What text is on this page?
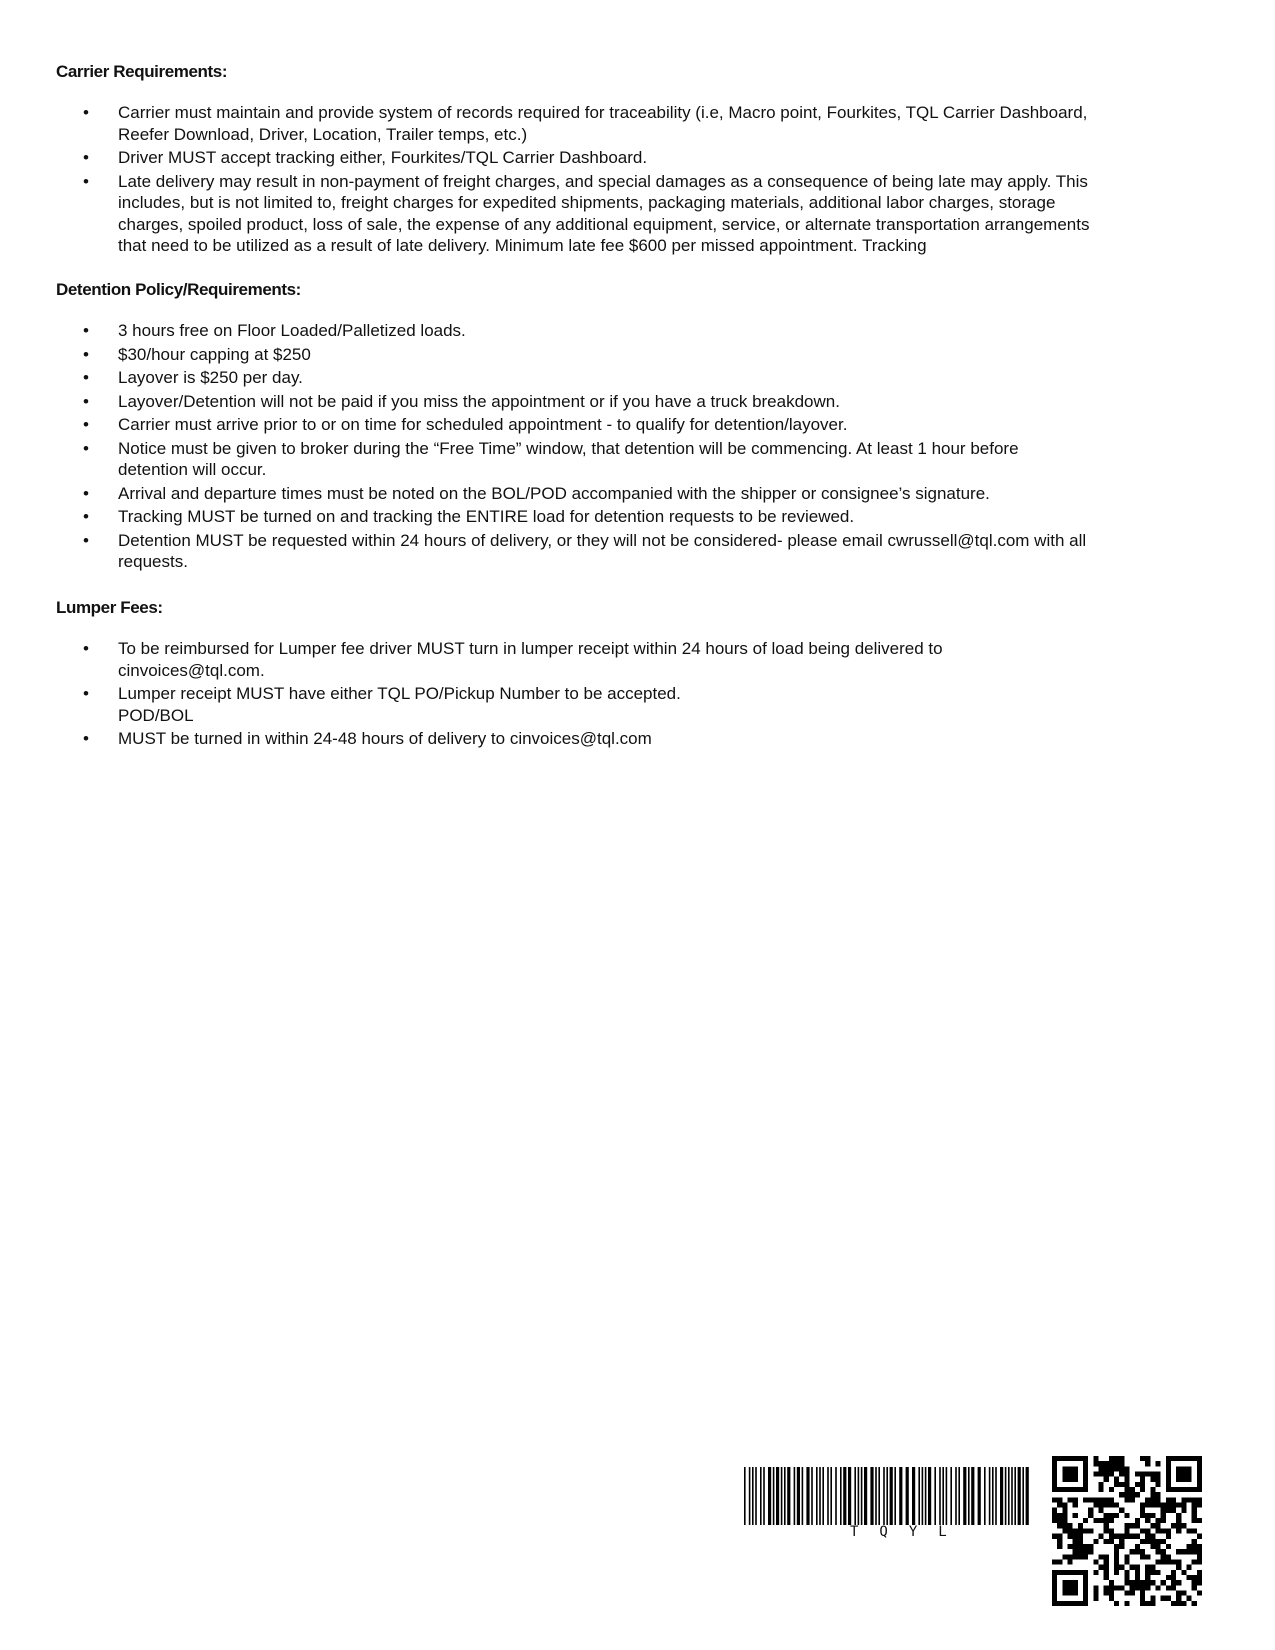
Carrier Requirements:
• Carrier must maintain and provide system of records required for traceability (i.e, Macro point, Fourkites, TQL Carrier Dashboard,
Reefer Download, Driver, Location, Trailer temps, etc.)
• Driver MUST accept tracking either, Fourkites/TQL Carrier Dashboard.
• Late delivery may result in non-payment of freight charges, and special damages as a consequence of being late may apply. This
includes, but is not limited to, freight charges for expedited shipments, packaging materials, additional labor charges, storage
charges, spoiled product, loss of sale, the expense of any additional equipment, service, or alternate transportation arrangements
that need to be utilized as a result of late delivery. Minimum late fee $600 per missed appointment. Tracking
Detention Policy/Requirements:
• 3 hours free on Floor Loaded/Palletized loads.
• $30/hour capping at $250
• Layover is $250 per day.
• Layover/Detention will not be paid if you miss the appointment or if you have a truck breakdown.
• Carrier must arrive prior to or on time for scheduled appointment - to qualify for detention/layover.
• Notice must be given to broker during the “Free Time” window, that detention will be commencing. At least 1 hour before
detention will occur.
• Arrival and departure times must be noted on the BOL/POD accompanied with the shipper or consignee’s signature.
• Tracking MUST be turned on and tracking the ENTIRE load for detention requests to be reviewed.
• Detention MUST be requested within 24 hours of delivery, or they will not be considered- please email cwrussell@tql.com with all
requests.
Lumper Fees:
• To be reimbursed for Lumper fee driver MUST turn in lumper receipt within 24 hours of load being delivered to
cinvoices@tql.com.
• Lumper receipt MUST have either TQL PO/Pickup Number to be accepted.
POD/BOL
• MUST be turned in within 24-48 hours of delivery to cinvoices@tql.com
TQYL
